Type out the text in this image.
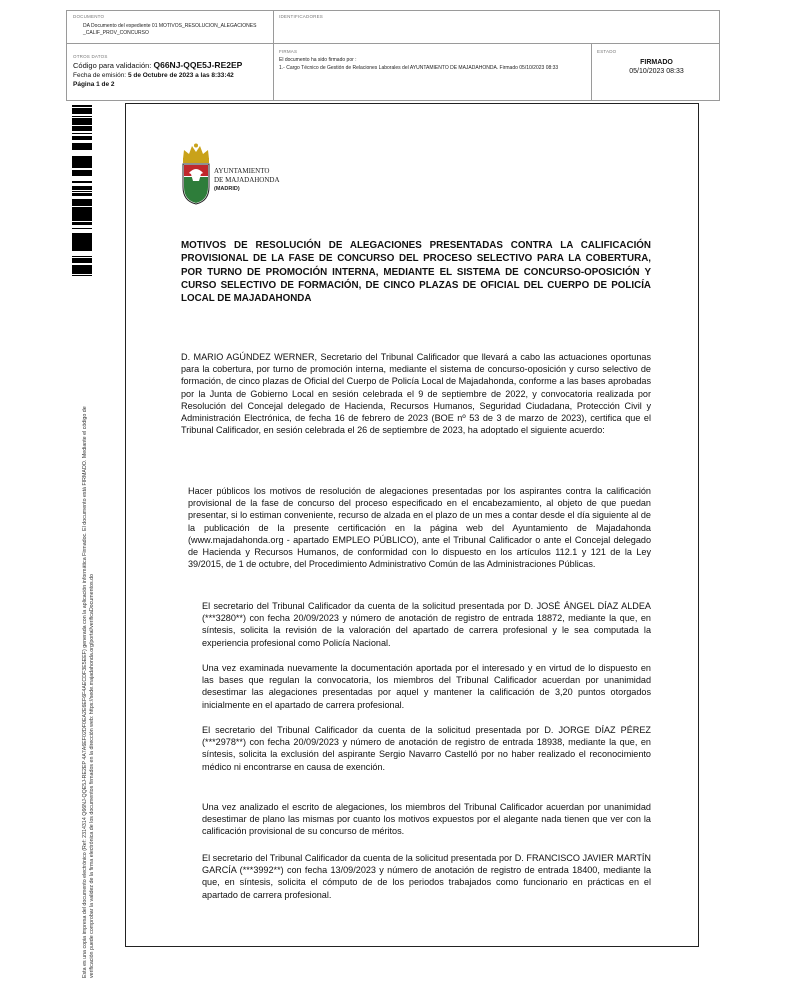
DOCUMENTO
DA Documento del expediente 01 MOTIVOS_RESOLUCION_ALEGACIONES _CALIF_PROV_CONCURSO
IDENTIFICADORES
OTROS DATOS
Código para validación: Q66NJ-QQE5J-RE2EP
Fecha de emisión: 5 de Octubre de 2023 a las 8:33:42
Página 1 de 2
FIRMAS
El documento ha sido firmado por :
1.- Cargo Técnico de Gestión de Relaciones Laborales del AYUNTAMIENTO DE MAJADAHONDA. Firmado 05/10/2023 08:33
ESTADO
FIRMADO
05/10/2023 08:33
Esta es una copia impresa del documento electrónico (Ref: 2314314 Q66NJ-QQE5J-RE2EP 4A7A6EF02DF0EA2E6EF6F4AECDF3E5EEF) generada con la aplicación informática Firmadoc. El documento está FIRMADO. Mediante el código de verificación puede comprobar la validez de la firma electrónica de los documentos firmados en la dirección web: https://sede.majadahonda.org/portal/verificaDocumentos.do
AYUNTAMIENTO
DE MAJADAHONDA
(MADRID)
MOTIVOS DE RESOLUCIÓN DE ALEGACIONES PRESENTADAS CONTRA LA CALIFICACIÓN PROVISIONAL DE LA FASE DE CONCURSO DEL PROCESO SELECTIVO PARA LA COBERTURA, POR TURNO DE PROMOCIÓN INTERNA, MEDIANTE EL SISTEMA DE CONCURSO-OPOSICIÓN Y CURSO SELECTIVO DE FORMACIÓN, DE CINCO PLAZAS DE OFICIAL DEL CUERPO DE POLICÍA LOCAL DE MAJADAHONDA
D. MARIO AGÚNDEZ WERNER, Secretario del Tribunal Calificador que llevará a cabo las actuaciones oportunas para la cobertura, por turno de promoción interna, mediante el sistema de concurso-oposición y curso selectivo de formación, de cinco plazas de Oficial del Cuerpo de Policía Local de Majadahonda, conforme a las bases aprobadas por la Junta de Gobierno Local en sesión celebrada el 9 de septiembre de 2022, y convocatoria realizada por Resolución del Concejal delegado de Hacienda, Recursos Humanos, Seguridad Ciudadana, Protección Civil y Administración Electrónica, de fecha 16 de febrero de 2023 (BOE nº 53 de 3 de marzo de 2023), certifica que el Tribunal Calificador, en sesión celebrada el 26 de septiembre de 2023, ha adoptado el siguiente acuerdo:
Hacer públicos los motivos de resolución de alegaciones presentadas por los aspirantes contra la calificación provisional de la fase de concurso del proceso especificado en el encabezamiento, al objeto de que puedan presentar, si lo estiman conveniente, recurso de alzada en el plazo de un mes a contar desde el día siguiente al de la publicación de la presente certificación en la página web del Ayuntamiento de Majadahonda (www.majadahonda.org - apartado EMPLEO PÚBLICO), ante el Tribunal Calificador o ante el Concejal delegado de Hacienda y Recursos Humanos, de conformidad con lo dispuesto en los artículos 112.1 y 121 de la Ley 39/2015, de 1 de octubre, del Procedimiento Administrativo Común de las Administraciones Públicas.
El secretario del Tribunal Calificador da cuenta de la solicitud presentada por D. JOSÉ ÁNGEL DÍAZ ALDEA (***3280**) con fecha 20/09/2023 y número de anotación de registro de entrada 18872, mediante la que, en síntesis, solicita la revisión de la valoración del apartado de carrera profesional y le sea computada la experiencia profesional como Policía Nacional.
Una vez examinada nuevamente la documentación aportada por el interesado y en virtud de lo dispuesto en las bases que regulan la convocatoria, los miembros del Tribunal Calificador acuerdan por unanimidad desestimar las alegaciones presentadas por aquel y mantener la calificación de 3,20 puntos otorgados inicialmente en el apartado de carrera profesional.
El secretario del Tribunal Calificador da cuenta de la solicitud presentada por D. JORGE DÍAZ PÉREZ (***2978**) con fecha 20/09/2023 y número de anotación de registro de entrada 18938, mediante la que, en síntesis, solicita la exclusión del aspirante Sergio Navarro Castelló por no haber realizado el reconocimiento médico ni encontrarse en causa de exención.
Una vez analizado el escrito de alegaciones, los miembros del Tribunal Calificador acuerdan por unanimidad desestimar de plano las mismas por cuanto los motivos expuestos por el alegante nada tienen que ver con la calificación provisional de su concurso de méritos.
El secretario del Tribunal Calificador da cuenta de la solicitud presentada por D. FRANCISCO JAVIER MARTÍN GARCÍA (***3992**) con fecha 13/09/2023 y número de anotación de registro de entrada 18400, mediante la que, en síntesis, solicita el cómputo de de los periodos trabajados como funcionario en prácticas en el apartado de carrera profesional.
